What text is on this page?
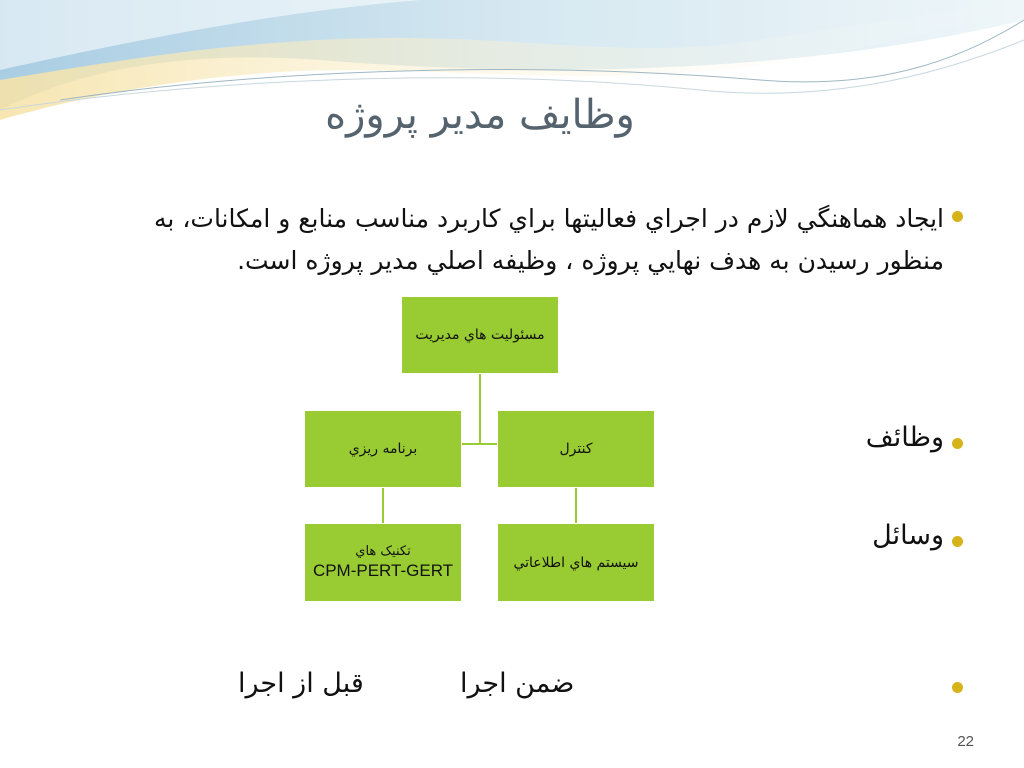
وظايف مدير پروژه
ايجاد هماهنگي لازم در اجراي فعاليتها براي كاربرد مناسب منابع و امكانات، به منظور رسيدن به هدف نهايي پروژه ، وظيفه اصلي مدير پروژه است.
وظائف
وسائل
ضمن اجرا
قبل از اجرا
مسئوليت هاي مديريت
برنامه ريزي	كنترل
تكنيک هاي
CPM-PERT-GERT	سيستم هاي اطلاعاتي
22
